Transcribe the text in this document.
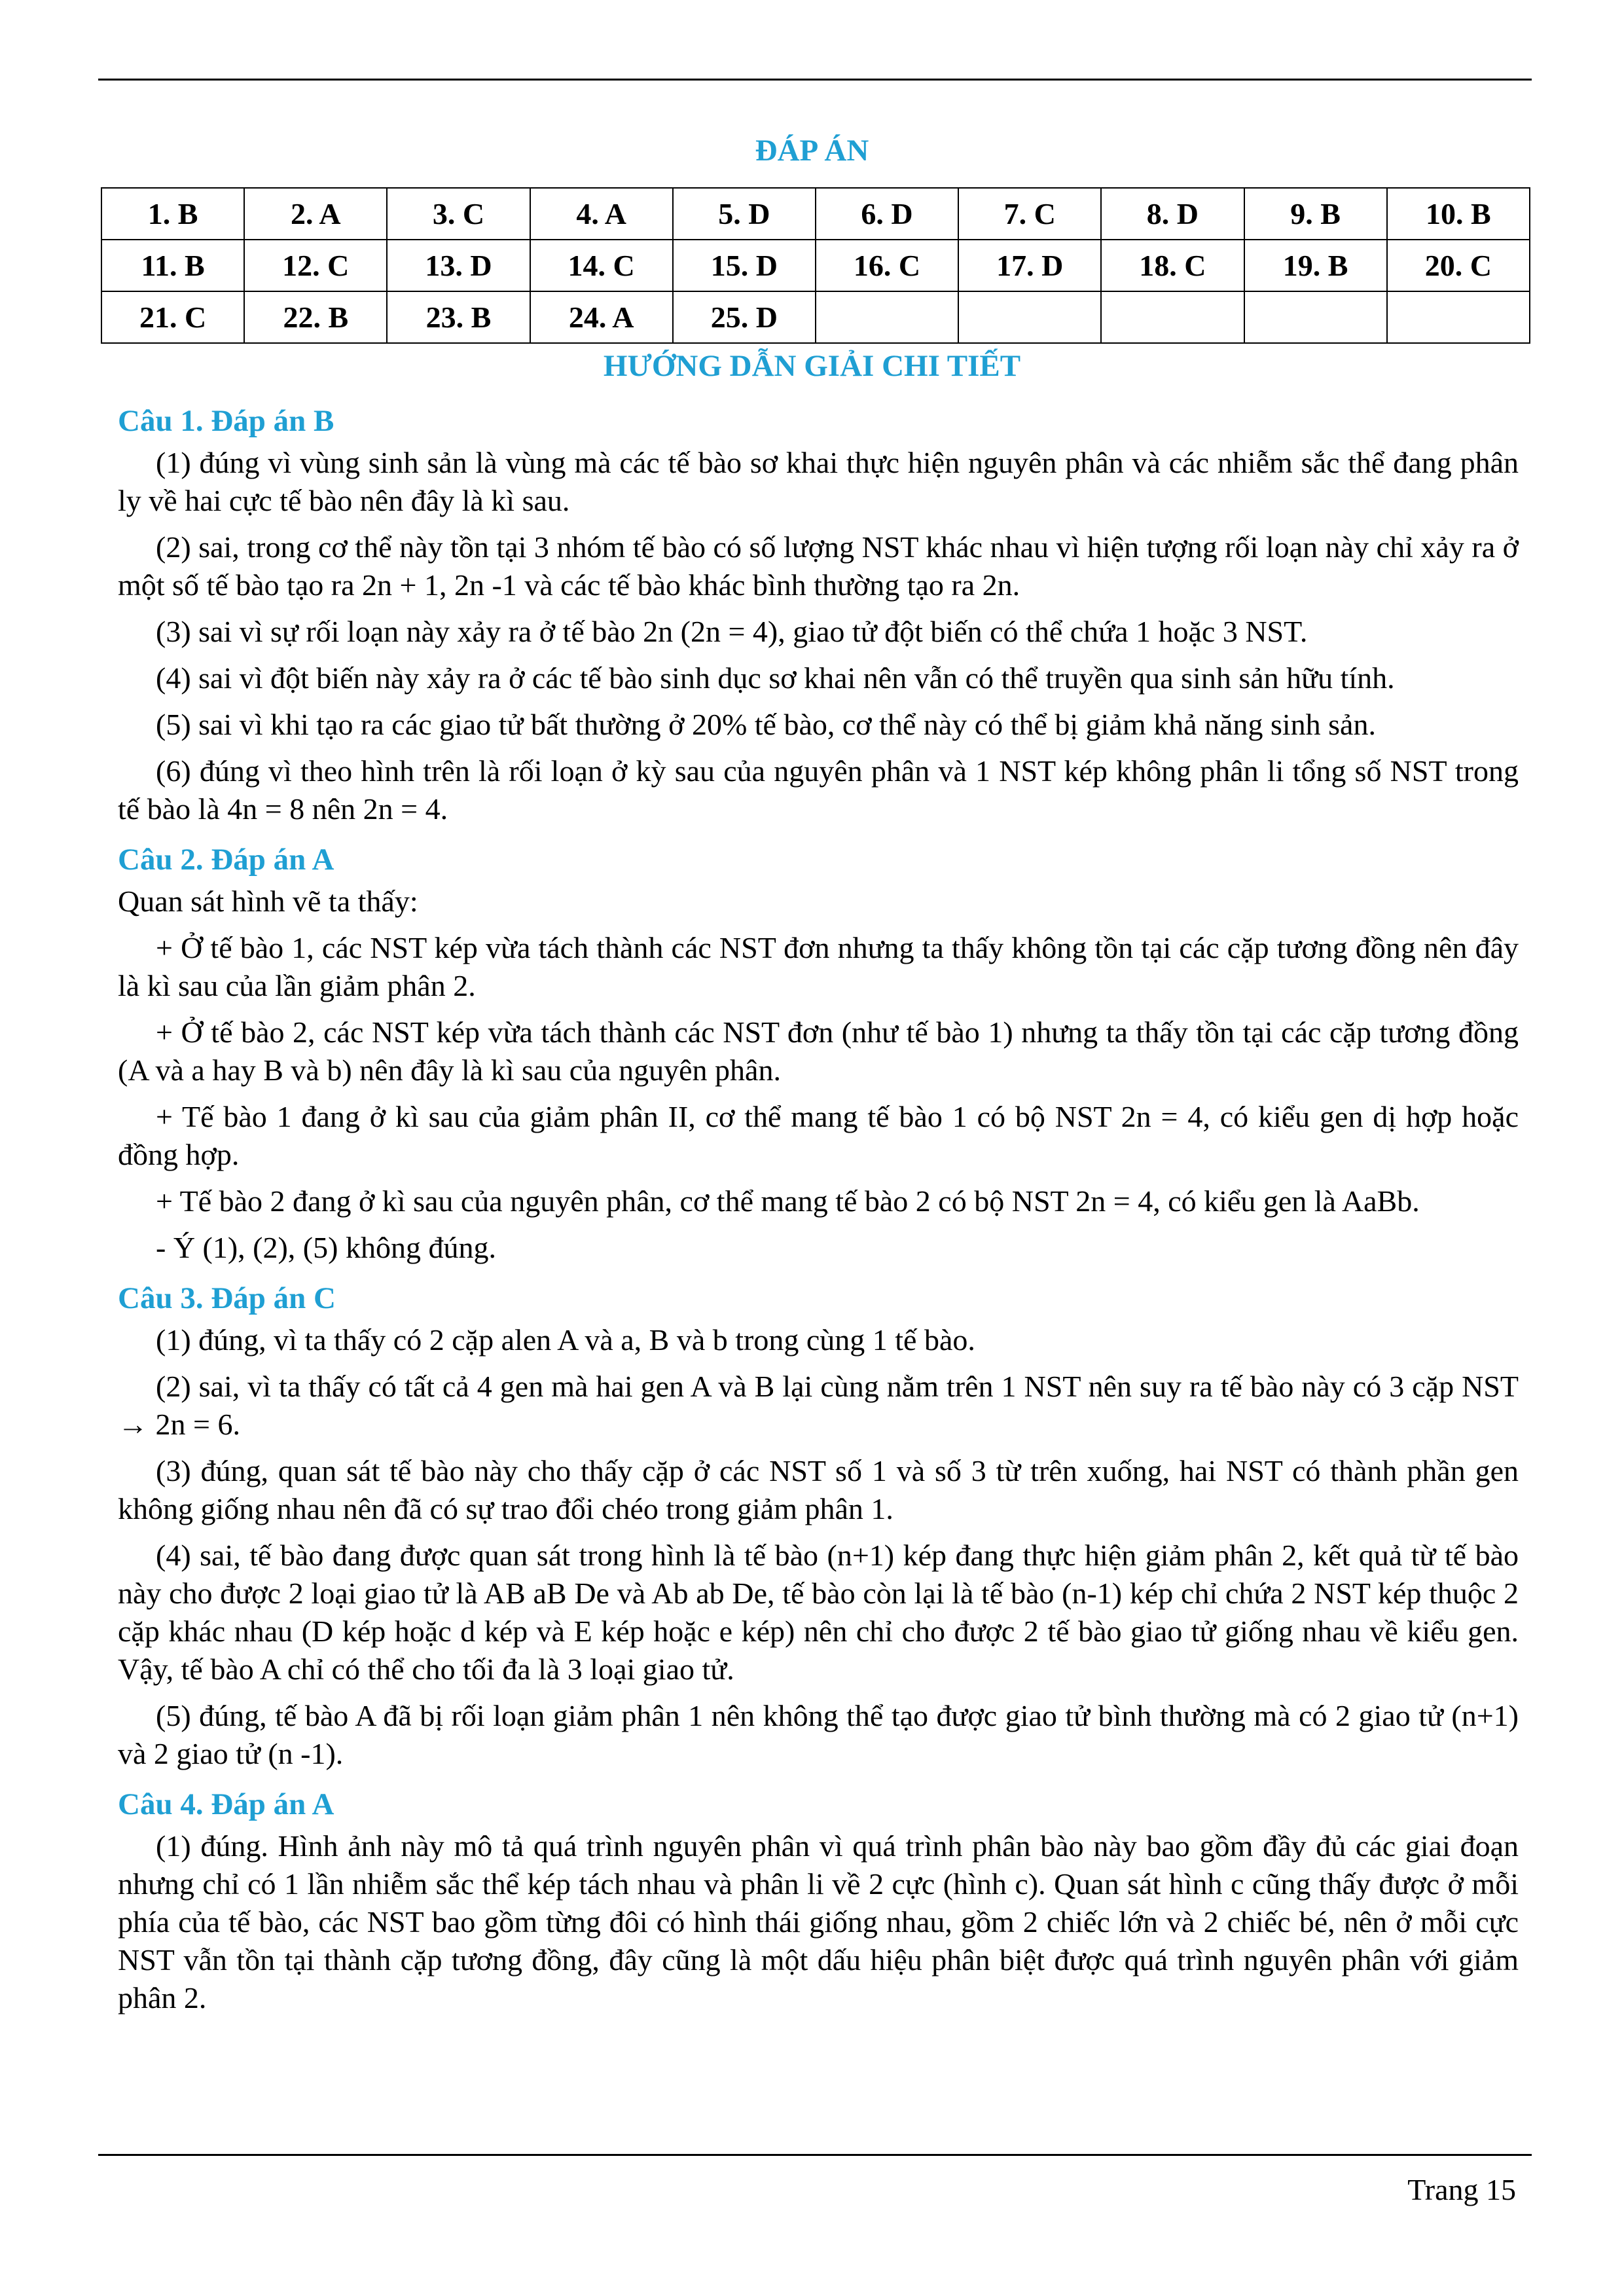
ĐÁP ÁN
1. B	2. A	3. C	4. A	5. D	6. D	7. C	8. D	9. B	10. B
11. B	12. C	13. D	14. C	15. D	16. C	17. D	18. C	19. B	20. C
21. C	22. B	23. B	24. A	25. D					
HƯỚNG DẪN GIẢI CHI TIẾT

Câu 1. Đáp án B

(1) đúng vì vùng sinh sản là vùng mà các tế bào sơ khai thực hiện nguyên phân và các nhiễm sắc thể đang phân ly về hai cực tế bào nên đây là kì sau.

(2) sai, trong cơ thể này tồn tại 3 nhóm tế bào có số lượng NST khác nhau vì hiện tượng rối loạn này chỉ xảy ra ở một số tế bào tạo ra 2n + 1, 2n -1 và các tế bào khác bình thường tạo ra 2n.

(3) sai vì sự rối loạn này xảy ra ở tế bào 2n (2n = 4), giao tử đột biến có thể chứa 1 hoặc 3 NST.

(4) sai vì đột biến này xảy ra ở các tế bào sinh dục sơ khai nên vẫn có thể truyền qua sinh sản hữu tính.

(5) sai vì khi tạo ra các giao tử bất thường ở 20% tế bào, cơ thể này có thể bị giảm khả năng sinh sản.

(6) đúng vì theo hình trên là rối loạn ở kỳ sau của nguyên phân và 1 NST kép không phân li tổng số NST trong tế bào là 4n = 8 nên 2n = 4.

Câu 2. Đáp án A

Quan sát hình vẽ ta thấy:

+ Ở tế bào 1, các NST kép vừa tách thành các NST đơn nhưng ta thấy không tồn tại các cặp tương đồng nên đây là kì sau của lần giảm phân 2.

+ Ở tế bào 2, các NST kép vừa tách thành các NST đơn (như tế bào 1) nhưng ta thấy tồn tại các cặp tương đồng (A và a hay B và b) nên đây là kì sau của nguyên phân.

+ Tế bào 1 đang ở kì sau của giảm phân II, cơ thể mang tế bào 1 có bộ NST 2n = 4, có kiểu gen dị hợp hoặc đồng hợp.

+ Tế bào 2 đang ở kì sau của nguyên phân, cơ thể mang tế bào 2 có bộ NST 2n = 4, có kiểu gen là AaBb.

- Ý (1), (2), (5) không đúng.

Câu 3. Đáp án C

(1) đúng, vì ta thấy có 2 cặp alen A và a, B và b trong cùng 1 tế bào.

(2) sai, vì ta thấy có tất cả 4 gen mà hai gen A và B lại cùng nằm trên 1 NST nên suy ra tế bào này có 3 cặp NST → 2n = 6.

(3) đúng, quan sát tế bào này cho thấy cặp ở các NST số 1 và số 3 từ trên xuống, hai NST có thành phần gen không giống nhau nên đã có sự trao đổi chéo trong giảm phân 1.

(4) sai, tế bào đang được quan sát trong hình là tế bào (n+1) kép đang thực hiện giảm phân 2, kết quả từ tế bào này cho được 2 loại giao tử là AB aB De và Ab ab De, tế bào còn lại là tế bào (n-1) kép chỉ chứa 2 NST kép thuộc 2 cặp khác nhau (D kép hoặc d kép và E kép hoặc e kép) nên chỉ cho được 2 tế bào giao tử giống nhau về kiểu gen. Vậy, tế bào A chỉ có thể cho tối đa là 3 loại giao tử.

(5) đúng, tế bào A đã bị rối loạn giảm phân 1 nên không thể tạo được giao tử bình thường mà có 2 giao tử (n+1) và 2 giao tử (n -1).

Câu 4. Đáp án A

(1) đúng. Hình ảnh này mô tả quá trình nguyên phân vì quá trình phân bào này bao gồm đầy đủ các giai đoạn nhưng chỉ có 1 lần nhiễm sắc thể kép tách nhau và phân li về 2 cực (hình c). Quan sát hình c cũng thấy được ở mỗi phía của tế bào, các NST bao gồm từng đôi có hình thái giống nhau, gồm 2 chiếc lớn và 2 chiếc bé, nên ở mỗi cực NST vẫn tồn tại thành cặp tương đồng, đây cũng là một dấu hiệu phân biệt được quá trình nguyên phân với giảm phân 2.

Trang 15
